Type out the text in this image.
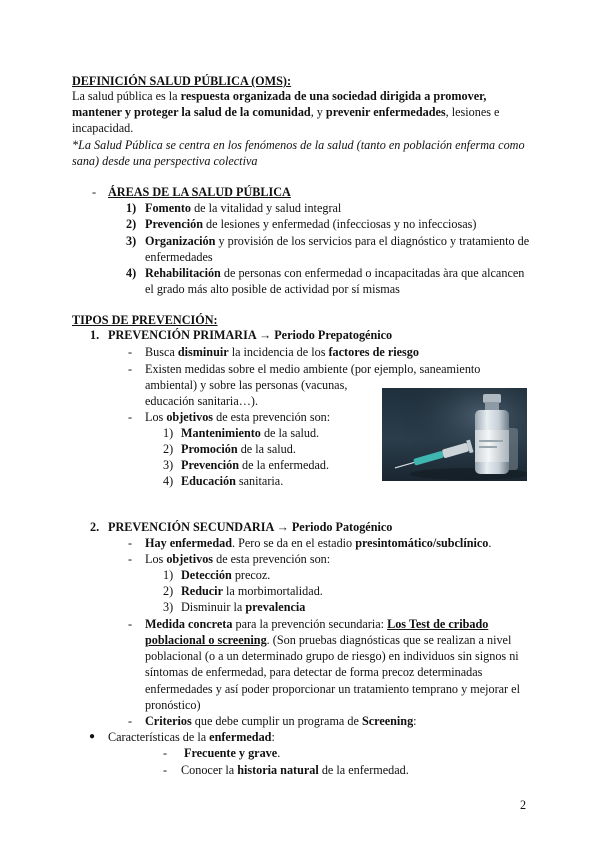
DEFINICIÓN SALUD PÚBLICA (OMS):
La salud pública es la respuesta organizada de una sociedad dirigida a promover,
mantener y proteger la salud de la comunidad, y prevenir enfermedades, lesiones e
incapacidad.
*La Salud Pública se centra en los fenómenos de la salud (tanto en población enferma como
sana) desde una perspectiva colectiva
- ÁREAS DE LA SALUD PÚBLICA
1) Fomento de la vitalidad y salud integral
2) Prevención de lesiones y enfermedad (infecciosas y no infecciosas)
3) Organización y provisión de los servicios para el diagnóstico y tratamiento de
enfermedades
4) Rehabilitación de personas con enfermedad o incapacitadas àra que alcancen
el grado más alto posible de actividad por sí mismas
TIPOS DE PREVENCIÓN:
1. PREVENCIÓN PRIMARIA → Periodo Prepatogénico
- Busca disminuir la incidencia de los factores de riesgo
- Existen medidas sobre el medio ambiente (por ejemplo, saneamiento
ambiental) y sobre las personas (vacunas,
educación sanitaria…).
- Los objetivos de esta prevención son:
1) Mantenimiento de la salud.
2) Promoción de la salud.
3) Prevención de la enfermedad.
4) Educación sanitaria.
2. PREVENCIÓN SECUNDARIA → Periodo Patogénico
- Hay enfermedad. Pero se da en el estadio presintomático/subclínico.
- Los objetivos de esta prevención son:
1) Detección precoz.
2) Reducir la morbimortalidad.
3) Disminuir la prevalencia
- Medida concreta para la prevención secundaria: Los Test de cribado
poblacional o screening. (Son pruebas diagnósticas que se realizan a nivel
poblacional (o a un determinado grupo de riesgo) en individuos sin signos ni
síntomas de enfermedad, para detectar de forma precoz determinadas
enfermedades y así poder proporcionar un tratamiento temprano y mejorar el
pronóstico)
- Criterios que debe cumplir un programa de Screening:
● Características de la enfermedad:
- Frecuente y grave.
- Conocer la historia natural de la enfermedad.
2
